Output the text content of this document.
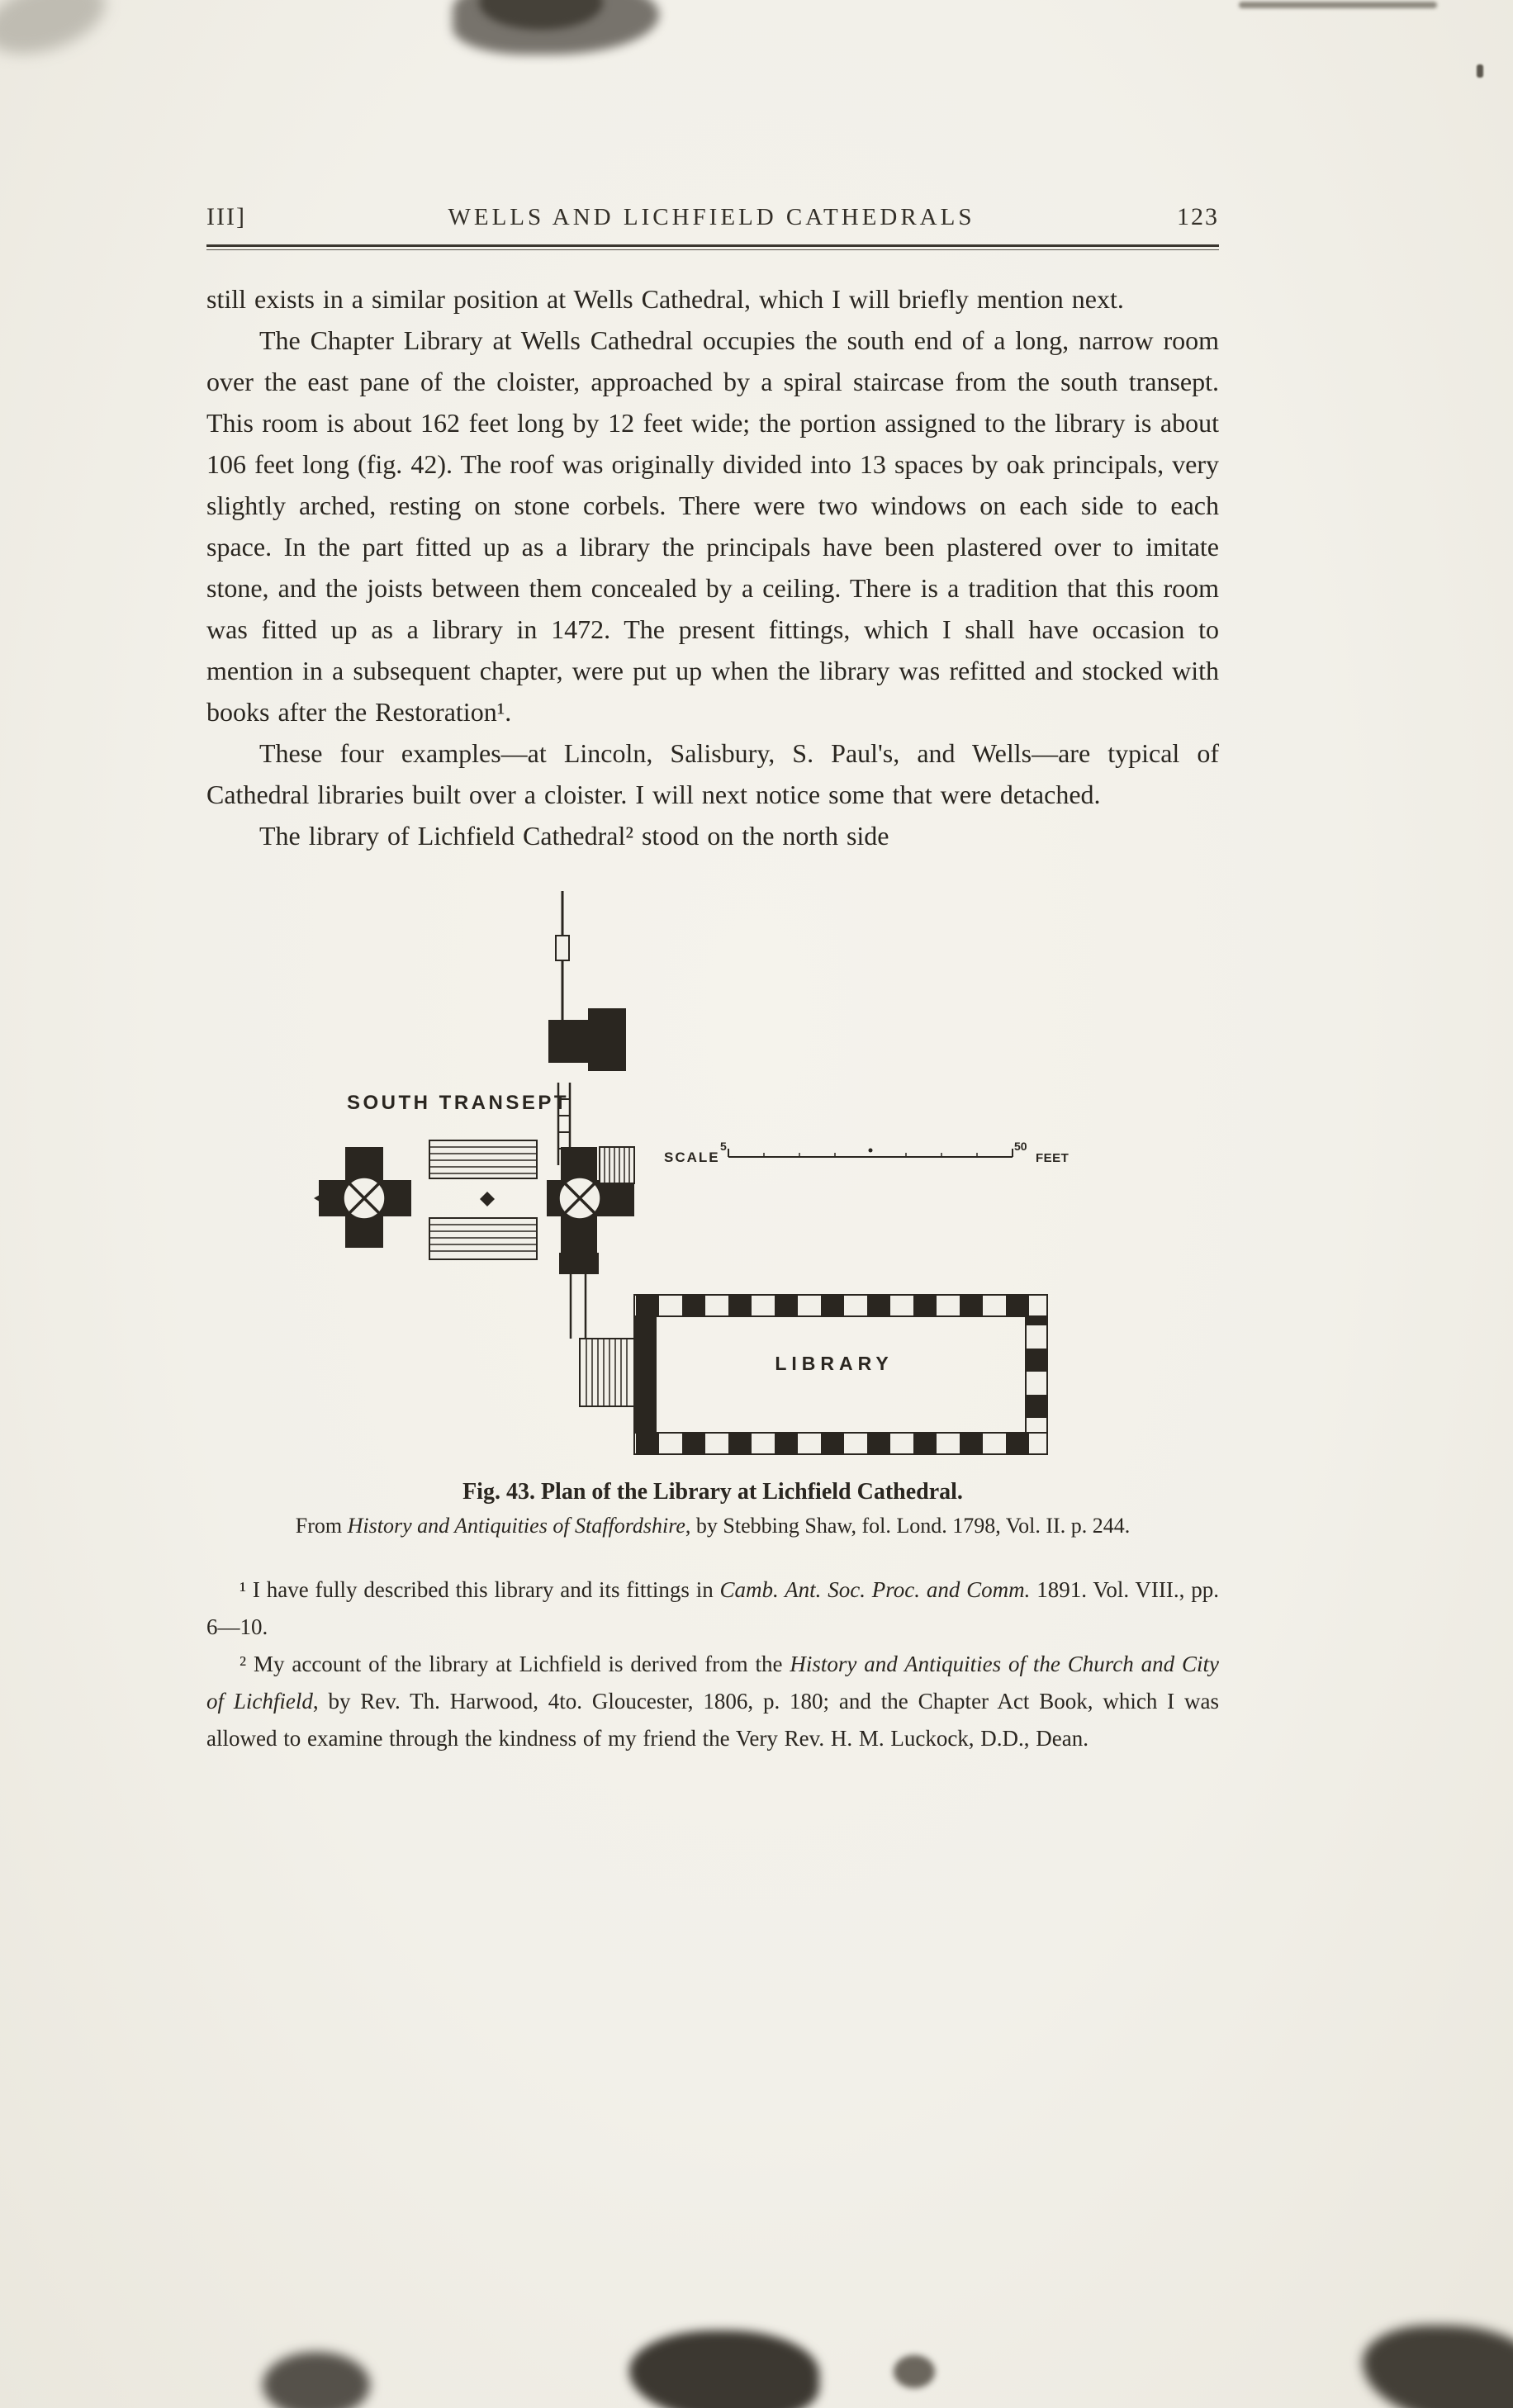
III]	WELLS AND LICHFIELD CATHEDRALS	123

still exists in a similar position at Wells Cathedral, which I will briefly mention next.

The Chapter Library at Wells Cathedral occupies the south end of a long, narrow room over the east pane of the cloister, approached by a spiral staircase from the south transept. This room is about 162 feet long by 12 feet wide; the portion assigned to the library is about 106 feet long (fig. 42). The roof was originally divided into 13 spaces by oak principals, very slightly arched, resting on stone corbels. There were two windows on each side to each space. In the part fitted up as a library the principals have been plastered over to imitate stone, and the joists between them concealed by a ceiling. There is a tradition that this room was fitted up as a library in 1472. The present fittings, which I shall have occasion to mention in a subsequent chapter, were put up when the library was refitted and stocked with books after the Restoration¹.

These four examples—at Lincoln, Salisbury, S. Paul's, and Wells—are typical of Cathedral libraries built over a cloister. I will next notice some that were detached.

The library of Lichfield Cathedral² stood on the north side

SOUTH TRANSEPT
SCALE
5	50
FEET
LIBRARY
Fig. 43. Plan of the Library at Lichfield Cathedral.
From History and Antiquities of Staffordshire, by Stebbing Shaw, fol. Lond. 1798, Vol. II. p. 244.

¹ I have fully described this library and its fittings in Camb. Ant. Soc. Proc. and Comm. 1891. Vol. VIII., pp. 6—10.

² My account of the library at Lichfield is derived from the History and Antiquities of the Church and City of Lichfield, by Rev. Th. Harwood, 4to. Gloucester, 1806, p. 180; and the Chapter Act Book, which I was allowed to examine through the kindness of my friend the Very Rev. H. M. Luckock, D.D., Dean.
